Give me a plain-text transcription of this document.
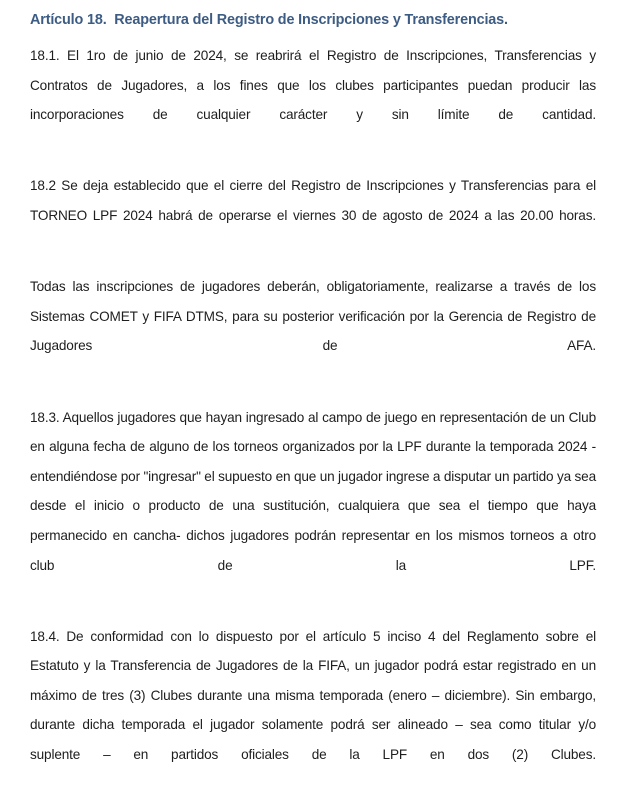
Artículo 18.  Reapertura del Registro de Inscripciones y Transferencias.

18.1. El 1ro de junio de 2024, se reabrirá el Registro de Inscripciones, Transferencias y Contratos de Jugadores, a los fines que los clubes participantes puedan producir las incorporaciones de cualquier carácter y sin límite de cantidad.

18.2 Se deja establecido que el cierre del Registro de Inscripciones y Transferencias para el TORNEO LPF 2024 habrá de operarse el viernes 30 de agosto de 2024 a las 20.00 horas.

Todas las inscripciones de jugadores deberán, obligatoriamente, realizarse a través de los Sistemas COMET y FIFA DTMS, para su posterior verificación por la Gerencia de Registro de Jugadores de AFA.

18.3. Aquellos jugadores que hayan ingresado al campo de juego en representación de un Club en alguna fecha de alguno de los torneos organizados por la LPF durante la temporada 2024 -entendiéndose por "ingresar" el supuesto en que un jugador ingrese a disputar un partido ya sea desde el inicio o producto de una sustitución, cualquiera que sea el tiempo que haya permanecido en cancha- dichos jugadores podrán representar en los mismos torneos a otro club de la LPF.

18.4. De conformidad con lo dispuesto por el artículo 5 inciso 4 del Reglamento sobre el Estatuto y la Transferencia de Jugadores de la FIFA, un jugador podrá estar registrado en un máximo de tres (3) Clubes durante una misma temporada (enero – diciembre). Sin embargo, durante dicha temporada el jugador solamente podrá ser alineado – sea como titular y/o suplente – en partidos oficiales de la LPF en dos (2) Clubes.
